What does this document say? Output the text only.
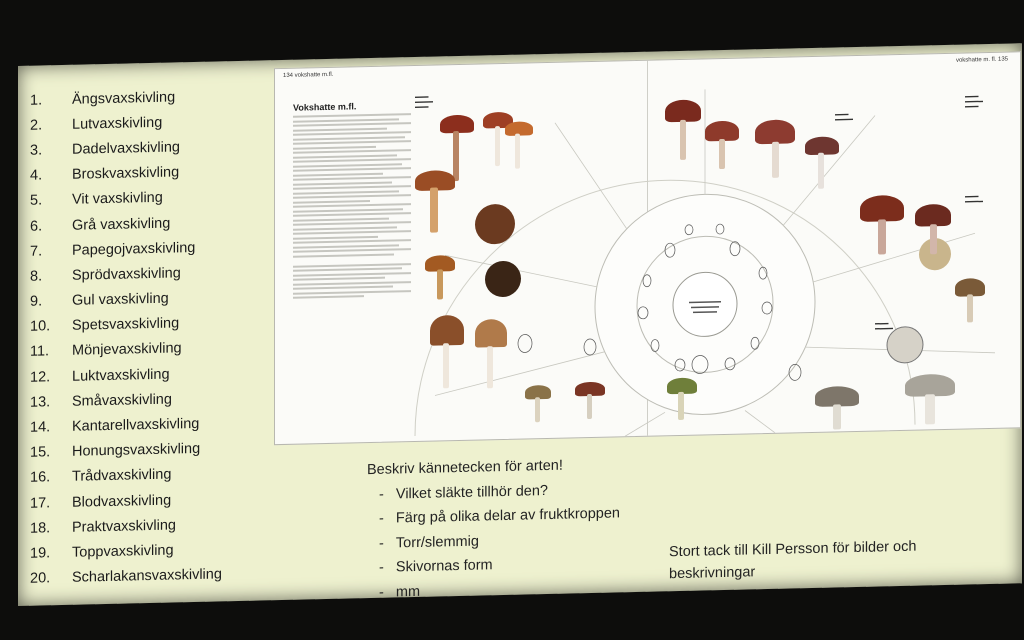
1.	Ängsvaxskivling
2.	Lutvaxskivling
3.	Dadelvaxskivling
4.	Broskvaxskivling
5.	Vit vaxskivling
6.	Grå vaxskivling
7.	Papegojvaxskivling
8.	Sprödvaxskivling
9.	Gul vaxskivling
10.	Spetsvaxskivling
11.	Mönjevaxskivling
12.	Luktvaxskivling
13.	Småvaxskivling
14.	Kantarellvaxskivling
15.	Honungsvaxskivling
16.	Trådvaxskivling
17.	Blodvaxskivling
18.	Praktvaxskivling
19.	Toppvaxskivling
20.	Scharlakansvaxskivling
134 vokshatte m.fl.
vokshatte m. fl. 135
Vokshatte m.fl.
▬▬▬
▬▬▬▬
▬▬▬
▬▬▬
▬▬▬▬
▬▬▬
▬▬▬
▬▬▬▬
▬▬▬
▬▬▬▬
▬▬▬
▬▬▬▬

Beskriv kännetecken för arten!

-   Vilket släkte tillhör den?

-   Färg på olika delar av fruktkroppen

-   Torr/slemmig

-   Skivornas form

-   mm

Stort tack till Kill Persson för bilder och beskrivningar
